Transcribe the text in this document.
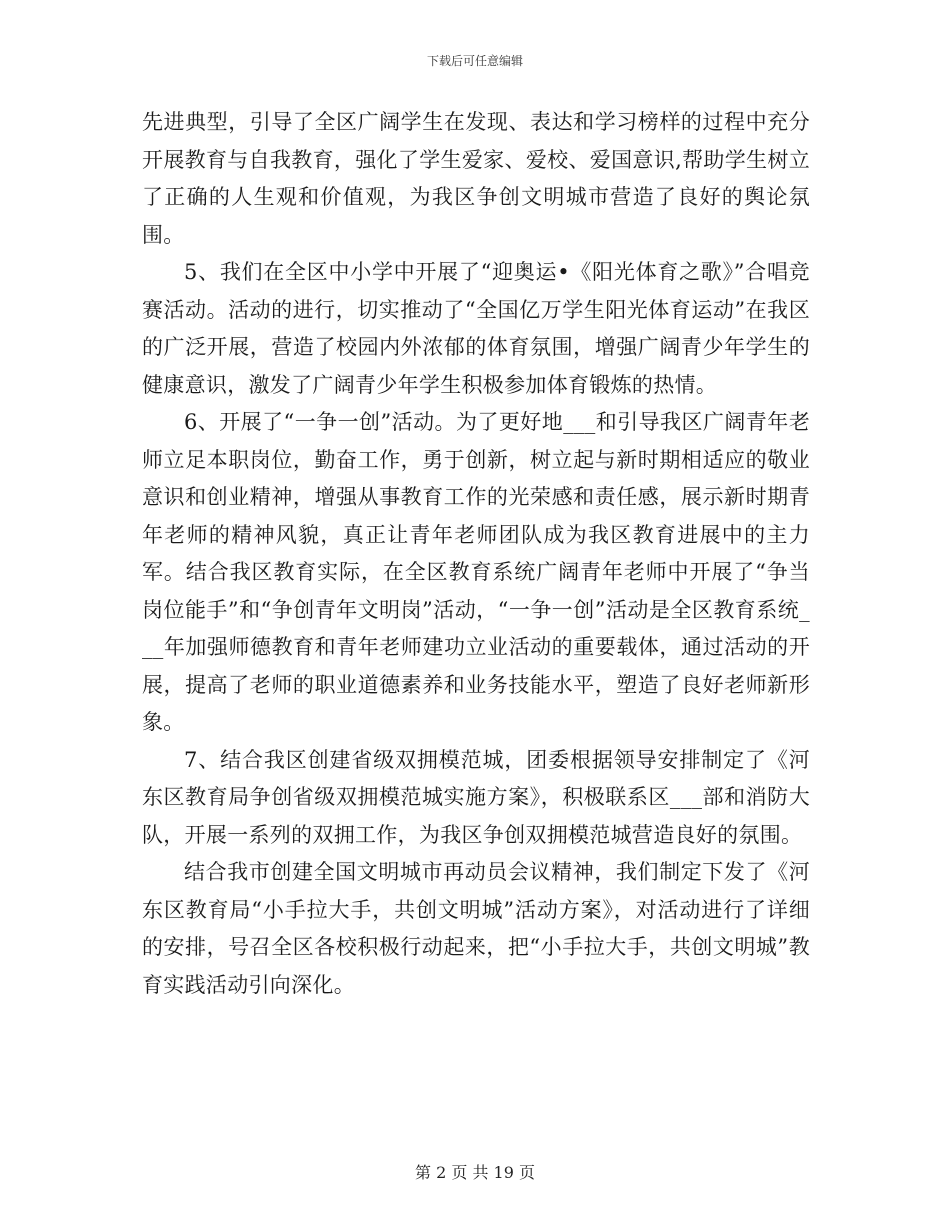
下载后可任意编辑

先进典型，引导了全区广阔学生在发现、表达和学习榜样的过程中充分开展教育与自我教育，强化了学生爱家、爱校、爱国意识,帮助学生树立了正确的人生观和价值观，为我区争创文明城市营造了良好的舆论氛围。

5、我们在全区中小学中开展了“迎奥运•《阳光体育之歌》”合唱竞赛活动。活动的进行，切实推动了“全国亿万学生阳光体育运动”在我区的广泛开展，营造了校园内外浓郁的体育氛围，增强广阔青少年学生的健康意识，激发了广阔青少年学生积极参加体育锻炼的热情。

6、开展了“一争一创”活动。为了更好地___和引导我区广阔青年老师立足本职岗位，勤奋工作，勇于创新，树立起与新时期相适应的敬业意识和创业精神，增强从事教育工作的光荣感和责任感，展示新时期青年老师的精神风貌，真正让青年老师团队成为我区教育进展中的主力军。结合我区教育实际，在全区教育系统广阔青年老师中开展了“争当岗位能手”和“争创青年文明岗”活动，“一争一创”活动是全区教育系统___年加强师德教育和青年老师建功立业活动的重要载体，通过活动的开展，提高了老师的职业道德素养和业务技能水平，塑造了良好老师新形象。

7、结合我区创建省级双拥模范城，团委根据领导安排制定了《河东区教育局争创省级双拥模范城实施方案》，积极联系区___部和消防大队，开展一系列的双拥工作，为我区争创双拥模范城营造良好的氛围。

结合我市创建全国文明城市再动员会议精神，我们制定下发了《河东区教育局“小手拉大手，共创文明城”活动方案》，对活动进行了详细的安排，号召全区各校积极行动起来，把“小手拉大手，共创文明城”教育实践活动引向深化。

第 2 页 共 19 页
